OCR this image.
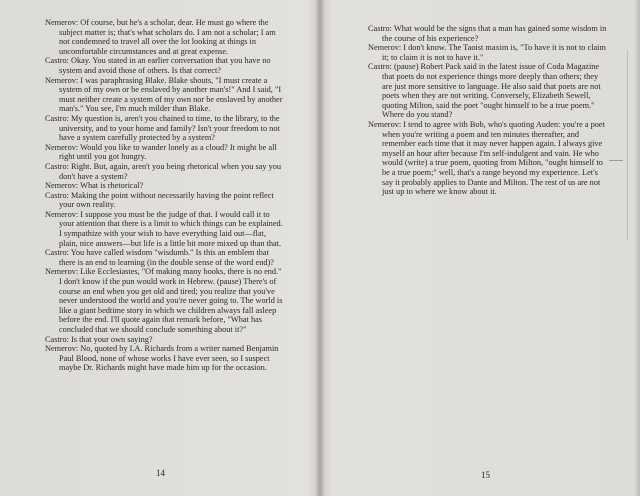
Nemerov: Of course, but he's a scholar, dear. He must go where the subject matter is; that's what scholars do. I am not a scholar; I am not condemned to travel all over the lot looking at things in uncomfortable circumstances and at great expense.

Castro: Okay. You stated in an earlier conversation that you have no system and avoid those of others. Is that correct?

Nemerov: I was paraphrasing Blake. Blake shouts, "I must create a system of my own or be enslaved by another man's!" And I said, "I must neither create a system of my own nor be enslaved by another man's." You see, I'm much milder than Blake.

Castro: My question is, aren't you chained to time, to the library, to the university, and to your home and family? Isn't your freedom to not have a system carefully protected by a system?

Nemerov: Would you like to wander lonely as a cloud? It might be all right until you got hungry.

Castro: Right. But, again, aren't you being rhetorical when you say you don't have a system?

Nemerov: What is rhetorical?

Castro: Making the point without necessarily having the point reflect your own reality.

Nemerov: I suppose you must be the judge of that. I would call it to your attention that there is a limit to which things can be explained. I sympathize with your wish to have everything laid out—flat, plain, nice answers—but life is a little bit more mixed up than that.

Castro: You have called wisdom "wisdumb." Is this an emblem that there is an end to learning (in the double sense of the word end)?

Nemerov: Like Ecclesiastes, "Of making many books, there is no end." I don't know if the pun would work in Hebrew. (pause) There's of course an end when you get old and tired; you realize that you've never understood the world and you're never going to. The world is like a giant bedtime story in which we children always fall asleep before the end. I'll quote again that remark before, "What has concluded that we should conclude something about it?"

Castro: Is that your own saying?

Nemerov: No, quoted by I.A. Richards from a writer named Benjamin Paul Blood, none of whose works I have ever seen, so I suspect maybe Dr. Richards might have made him up for the occasion.

14

Castro: What would be the signs that a man has gained some wisdom in the course of his experience?

Nemerov: I don't know. The Taoist maxim is, "To have it is not to claim it; to claim it is not to have it."

Castro: (pause) Robert Pack said in the latest issue of Coda Magazine that poets do not experience things more deeply than others; they are just more sensitive to language. He also said that poets are not poets when they are not writing. Conversely, Elizabeth Sewell, quoting Milton, said the poet "ought himself to be a true poem." Where do you stand?

Nemerov: I tend to agree with Bob, who's quoting Auden: you're a poet when you're writing a poem and ten minutes thereafter, and remember each time that it may never happen again. I always give myself an hour after because I'm self-indulgent and vain. He who would (write) a true poem, quoting from Milton, "ought himself to be a true poem;" well, that's a range beyond my experience. Let's say it probably applies to Dante and Milton. The rest of us are not just up to where we know about it.

15
